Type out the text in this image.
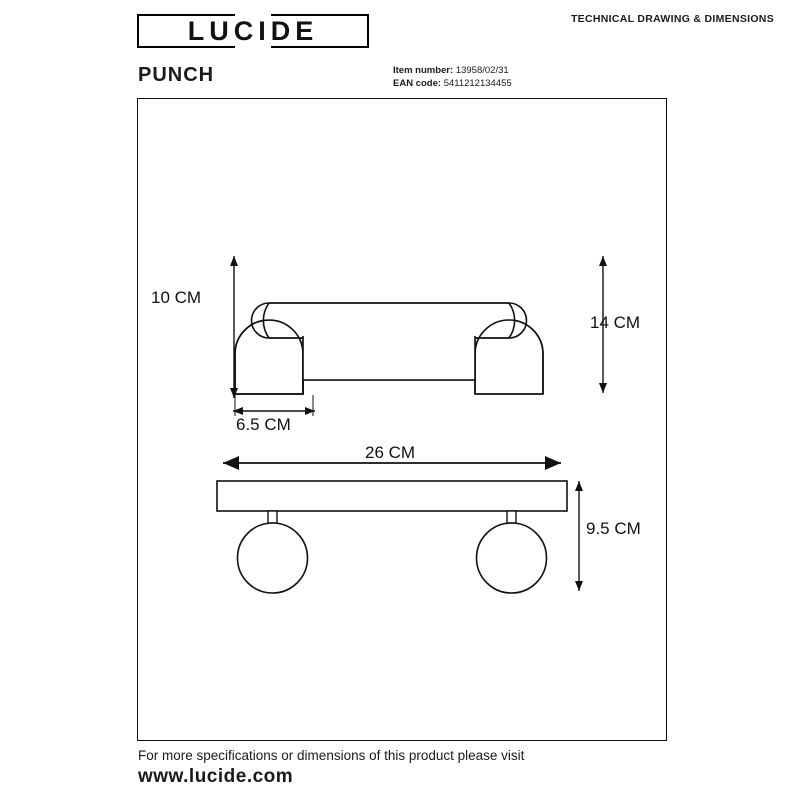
LUCIDE	TECHNICAL DRAWING & DIMENSIONS
PUNCH	Item number: 13958/02/31
EAN code: 5411212134455
10 CM
14 CM
6.5 CM
26 CM
9.5 CM
For more specifications or dimensions of this product please visit
www.lucide.com
